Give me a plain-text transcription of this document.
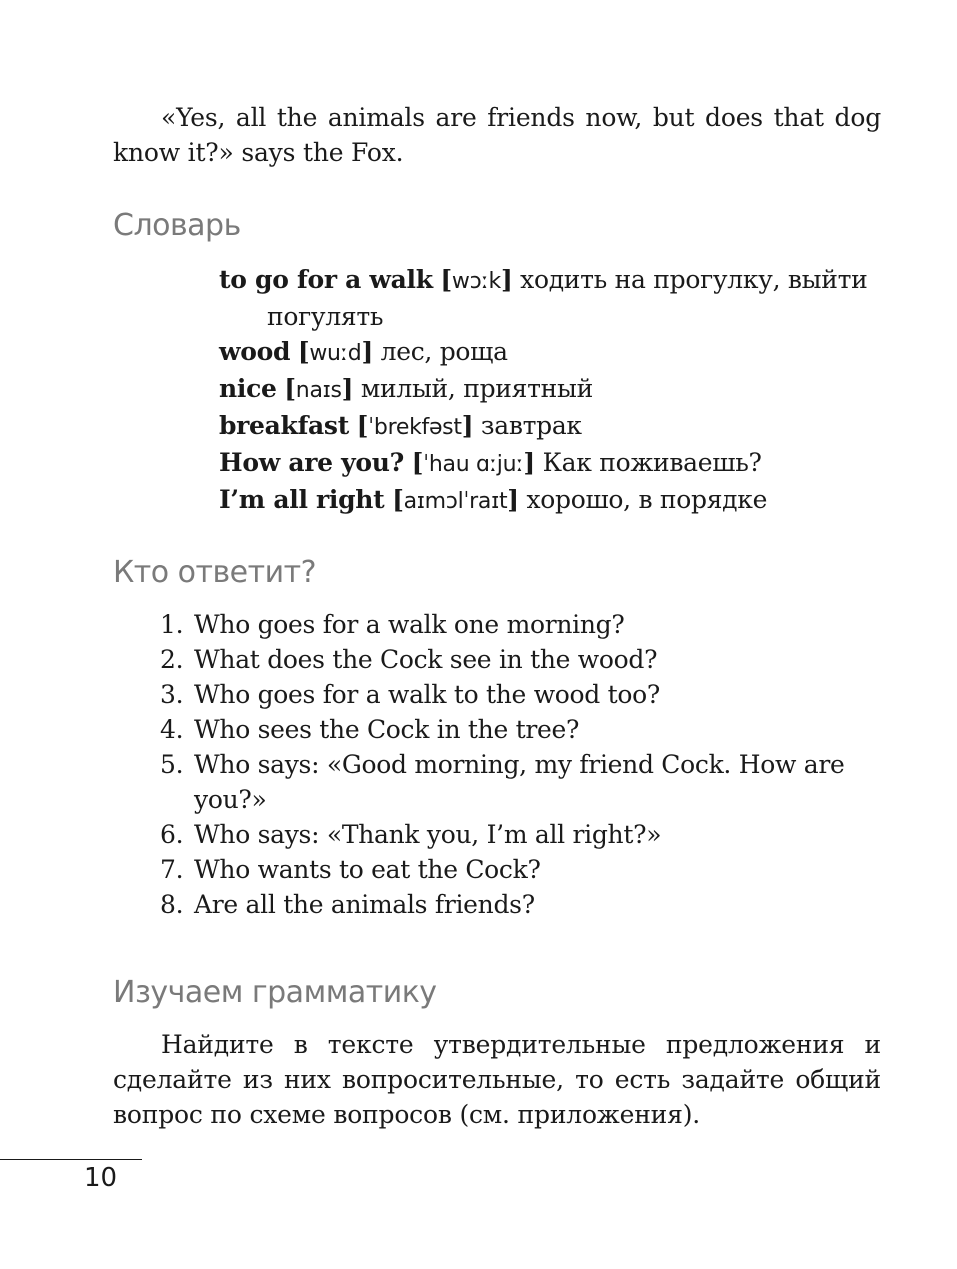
«Yes, all the animals are friends now, but does that dog know it?» says the Fox.

Словарь
to go for a walk [wɔːk] ходить на прогулку, выйти погулять
wood [wuːd] лес, роща
nice [naɪs] милый, приятный
breakfast [ˈbrekfəst] завтрак
How are you? [ˈhau ɑːjuː] Как поживаешь?
I’m all right [aɪmɔlˈraɪt] хорошо, в порядке
Кто ответит?
1. Who goes for a walk one morning?
2. What does the Cock see in the wood?
3. Who goes for a walk to the wood too?
4. Who sees the Cock in the tree?
5. Who says: «Good morning, my friend Cock. How are you?»
6. Who says: «Thank you, I’m all right?»
7. Who wants to eat the Cock?
8. Are all the animals friends?
Изучаем грамматику

Найдите в тексте утвердительные предложения и сделайте из них вопросительные, то есть задайте общий вопрос по схеме вопросов (см. приложения).

10
